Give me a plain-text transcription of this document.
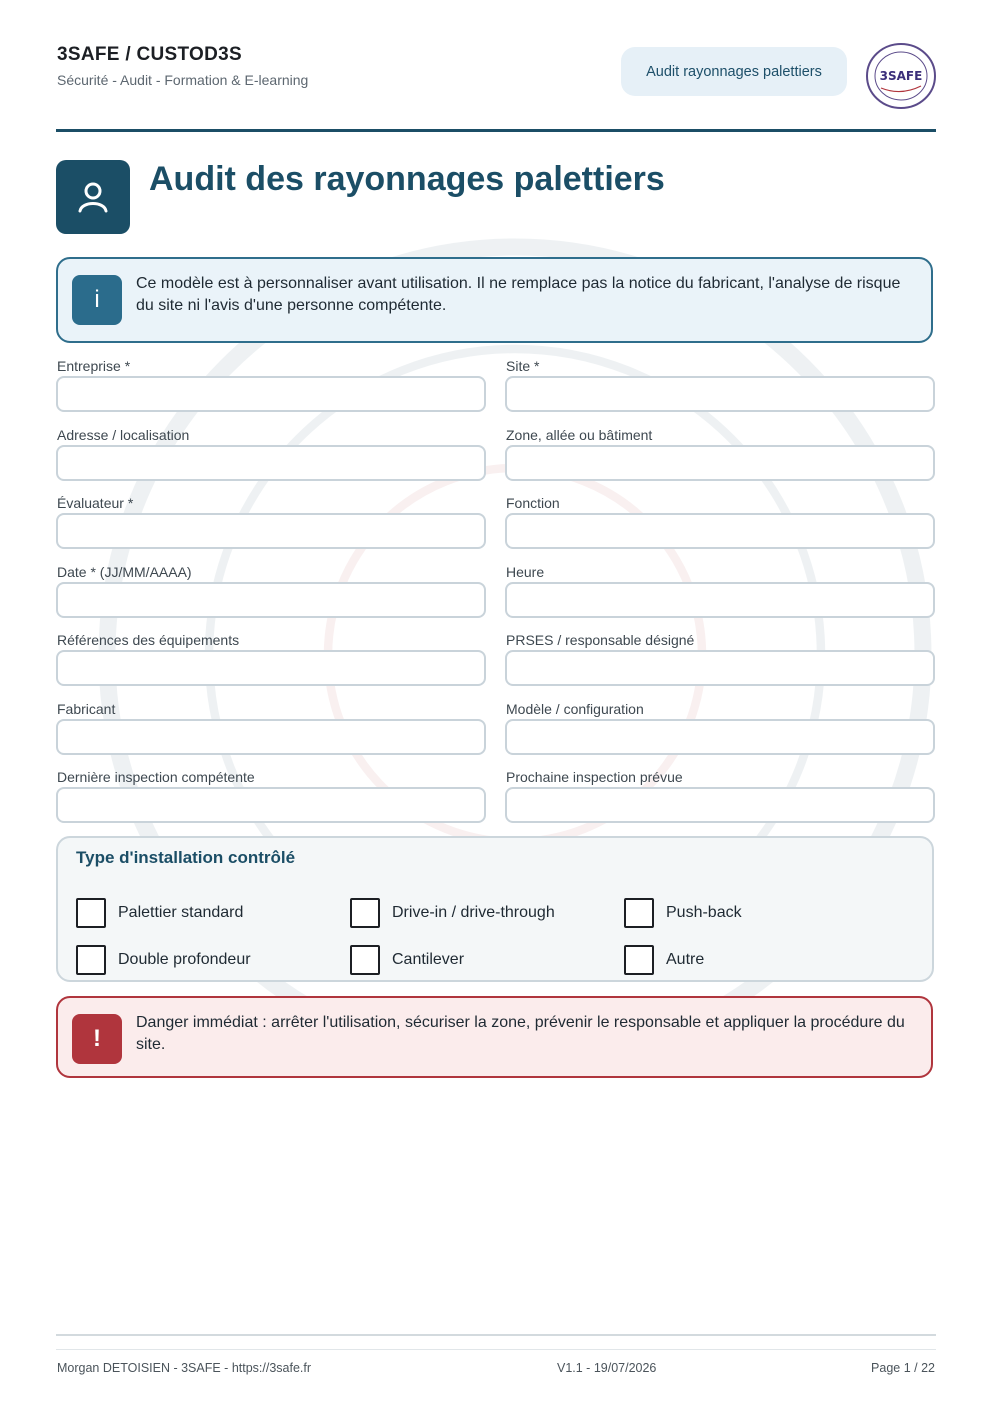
3SAFE / CUSTOD3S
Sécurité - Audit - Formation & E-learning
Audit rayonnages palettiers	3SAFE
Audit des rayonnages palettiers
i
Ce modèle est à personnaliser avant utilisation. Il ne remplace pas la notice du fabricant, l'analyse de risque du site ni l'avis d'une personne compétente.
Entreprise *	Site *
Adresse / localisation	Zone, allée ou bâtiment
Évaluateur *	Fonction
Date * (JJ/MM/AAAA)	Heure
Références des équipements	PRSES / responsable désigné
Fabricant	Modèle / configuration
Dernière inspection compétente	Prochaine inspection prévue
Type d'installation contrôlé
Palettier standard	Drive-in / drive-through	Push-back
Double profondeur	Cantilever	Autre
!
Danger immédiat : arrêter l'utilisation, sécuriser la zone, prévenir le responsable et appliquer la procédure du site.
Morgan DETOISIEN - 3SAFE - https://3safe.fr	V1.1 - 19/07/2026	Page 1 / 22
